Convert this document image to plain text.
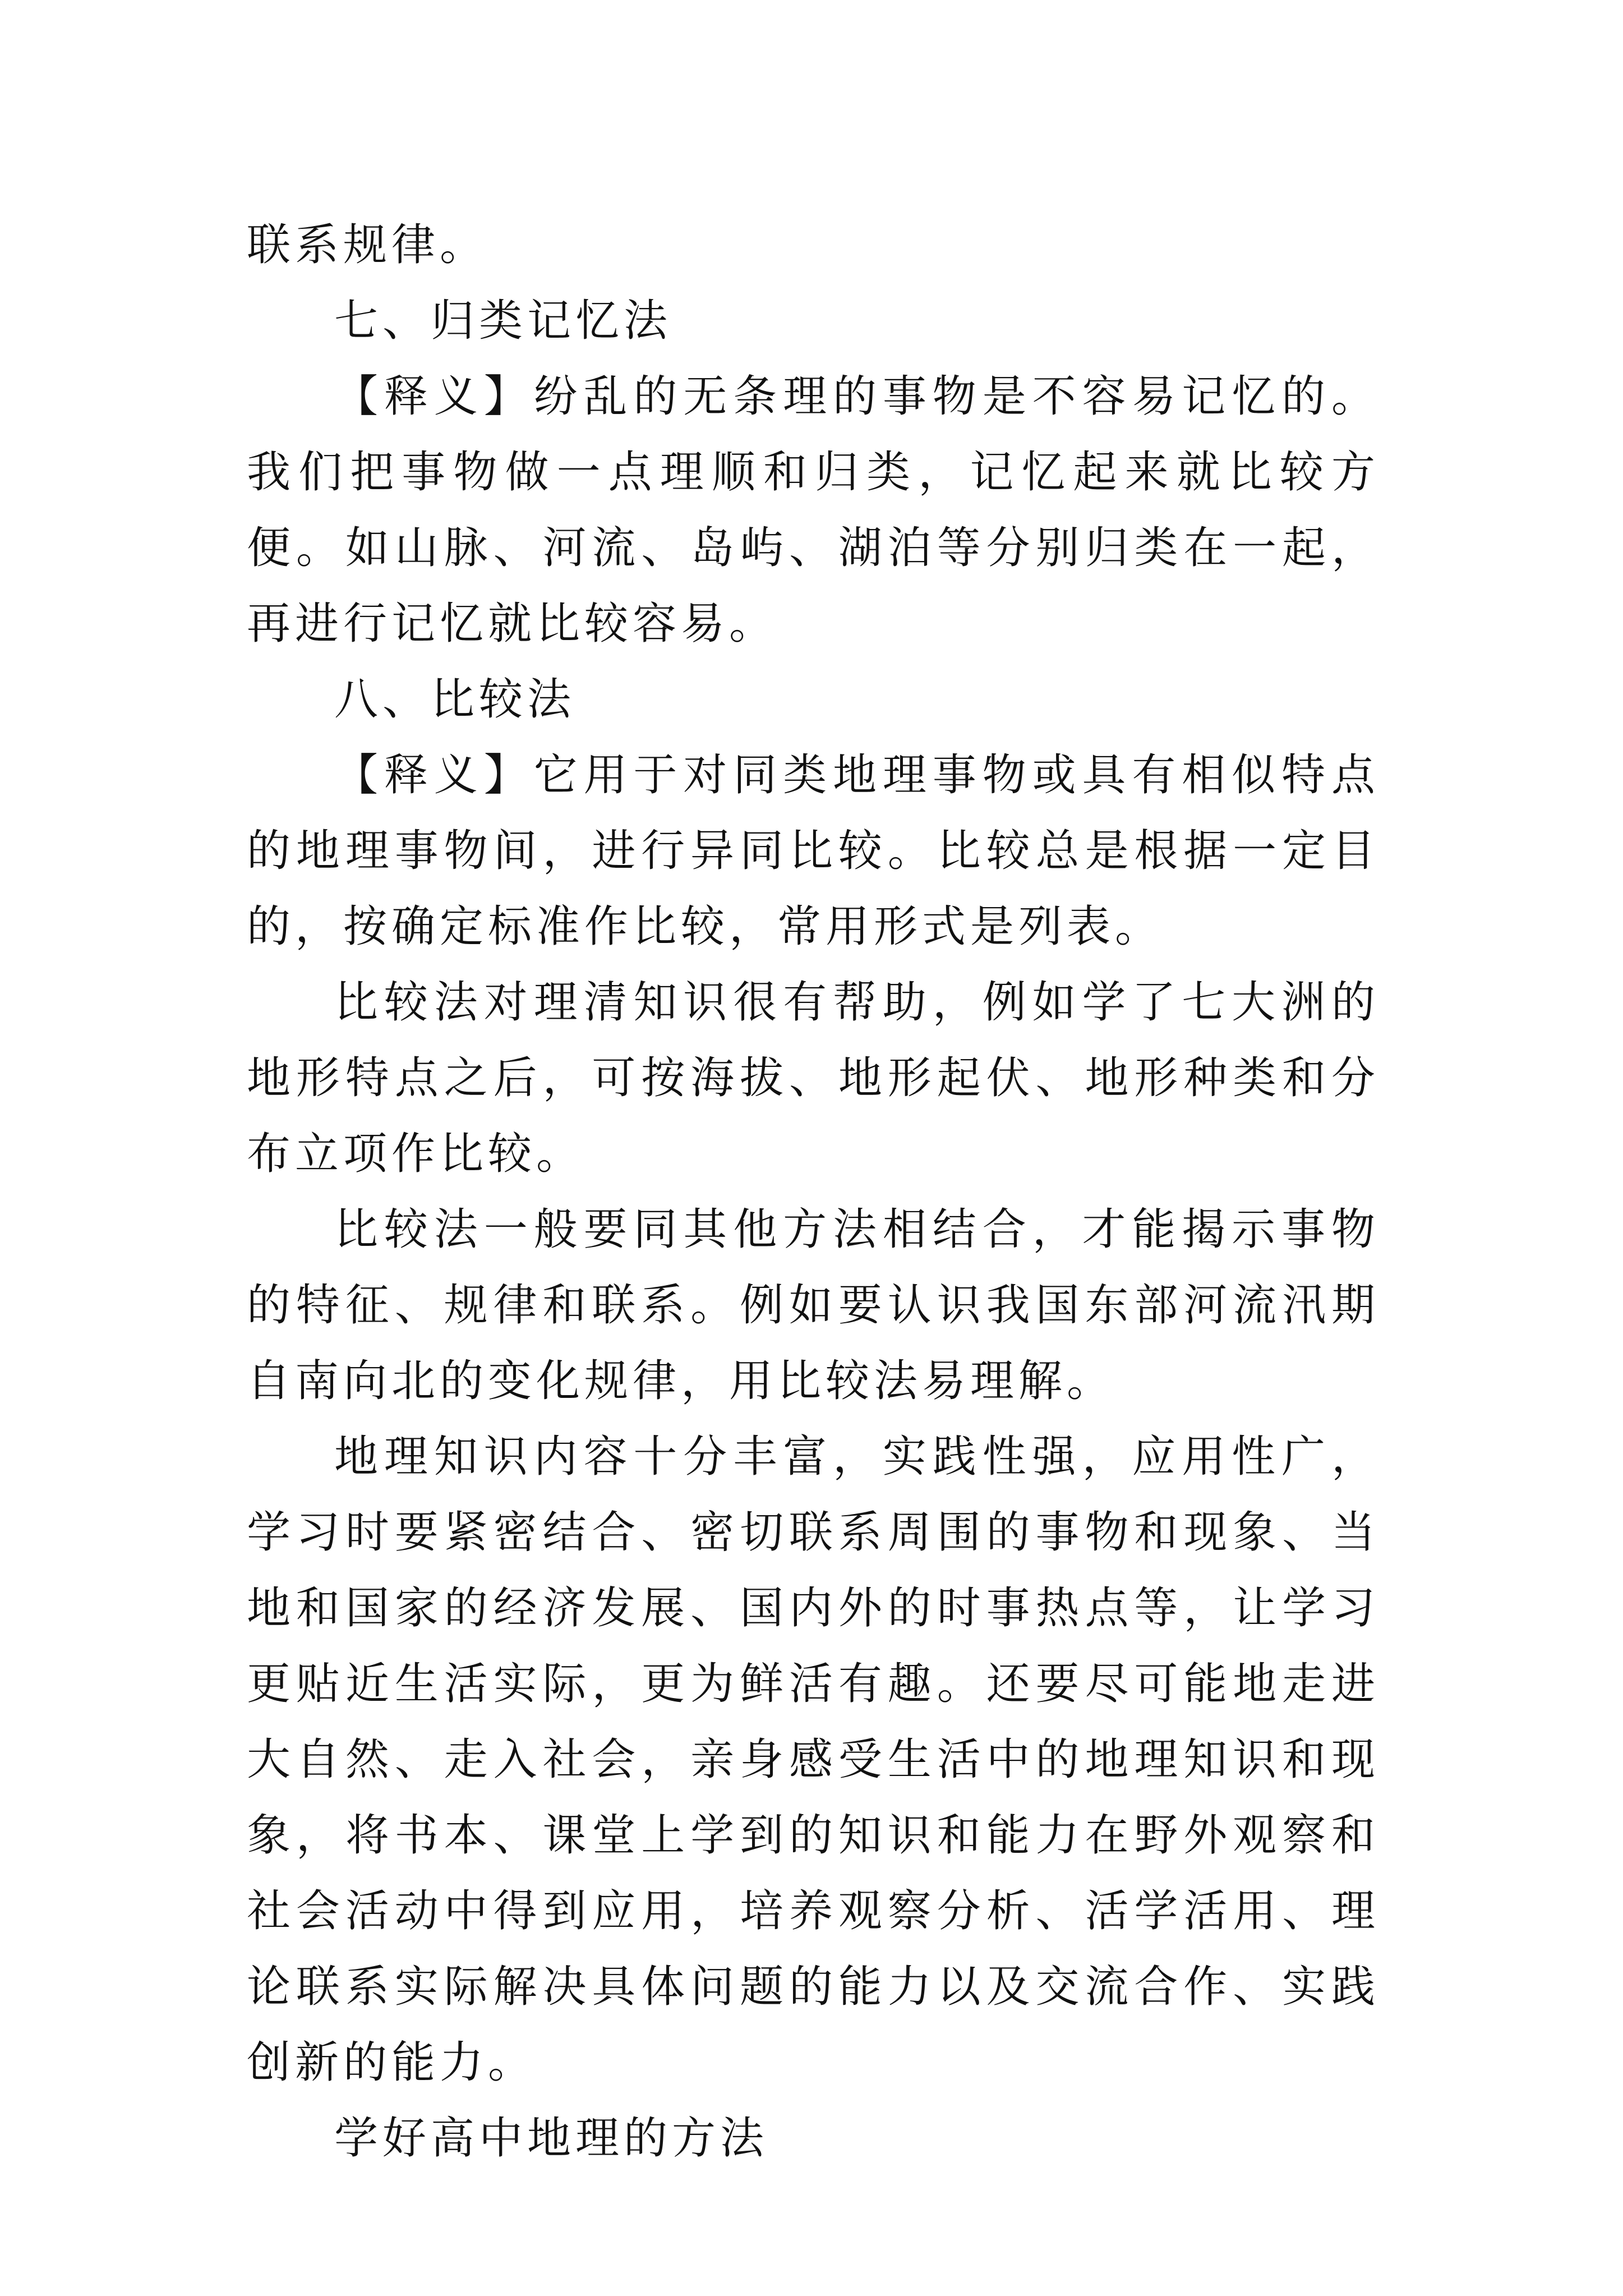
联系规律。

七、归类记忆法

【释义】纷乱的无条理的事物是不容易记忆的。我们把事物做一点理顺和归类，记忆起来就比较方便。如山脉、河流、岛屿、湖泊等分别归类在一起，再进行记忆就比较容易。

八、比较法

【释义】它用于对同类地理事物或具有相似特点的地理事物间，进行异同比较。比较总是根据一定目的，按确定标准作比较，常用形式是列表。

比较法对理清知识很有帮助，例如学了七大洲的地形特点之后，可按海拔、地形起伏、地形种类和分布立项作比较。

比较法一般要同其他方法相结合，才能揭示事物的特征、规律和联系。例如要认识我国东部河流汛期自南向北的变化规律，用比较法易理解。

地理知识内容十分丰富，实践性强，应用性广，学习时要紧密结合、密切联系周围的事物和现象、当地和国家的经济发展、国内外的时事热点等，让学习更贴近生活实际，更为鲜活有趣。还要尽可能地走进大自然、走入社会，亲身感受生活中的地理知识和现象，将书本、课堂上学到的知识和能力在野外观察和社会活动中得到应用，培养观察分析、活学活用、理论联系实际解决具体问题的能力以及交流合作、实践创新的能力。

学好高中地理的方法
